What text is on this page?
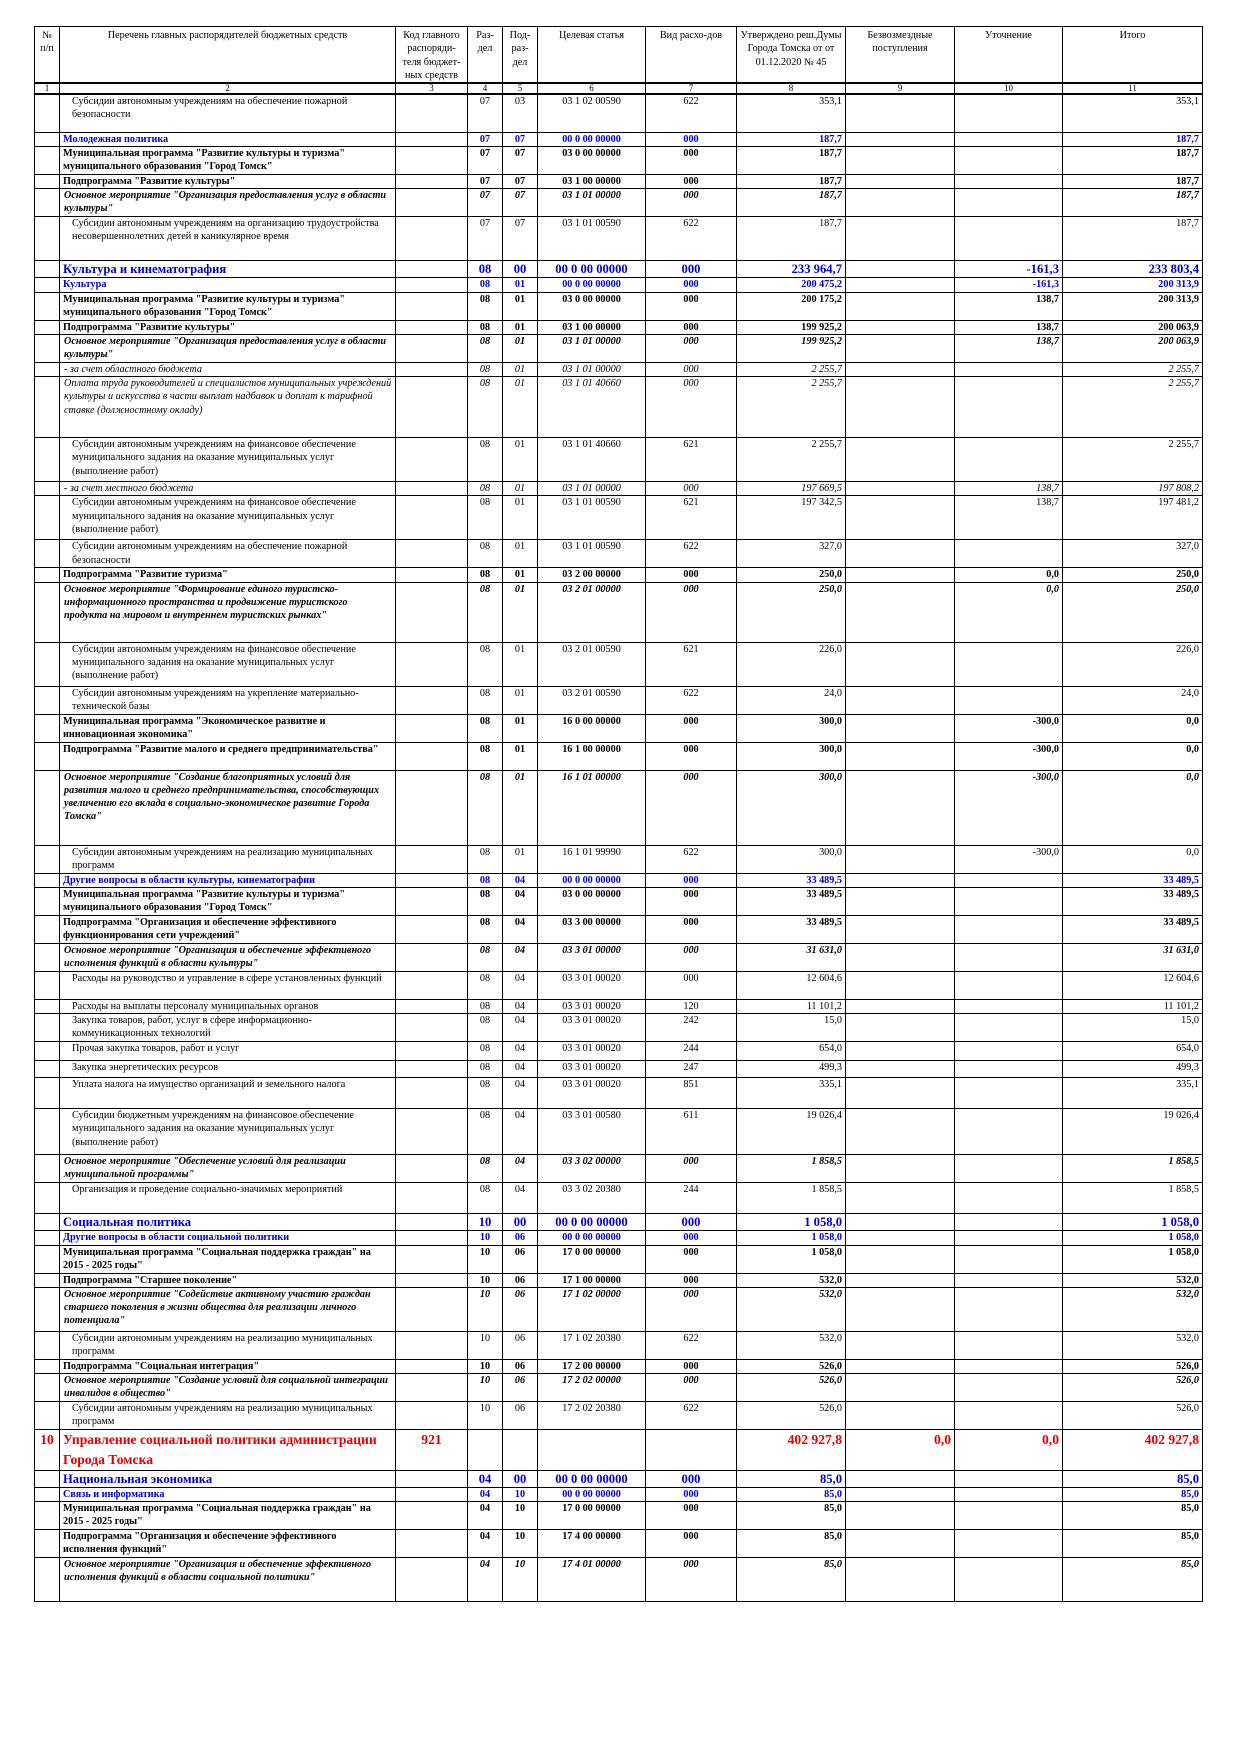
№ п/п	Перечень главных распорядителей бюджетных средств	Код главного распоряди-теля бюджет-ных средств	Раз-дел	Под-раз-дел	Целевая статья	Вид расхо-дов	Утверждено реш.Думы Города Томска от от 01.12.2020 № 45	Безвозмездные поступления	Уточнение	Итого
1	2	3	4	5	6	7	8	9	10	11
	Субсидии автономным учреждениям на обеспечение пожарной безопасности		07	03	03 1 02 00590	622	353,1			353,1
	Молодежная политика		07	07	00 0 00 00000	000	187,7			187,7
	Муниципальная программа "Развитие культуры и туризма" муниципального образования "Город Томск"		07	07	03 0 00 00000	000	187,7			187,7
	Подпрограмма "Развитие культуры"		07	07	03 1 00 00000	000	187,7			187,7
	Основное мероприятие "Организация предоставления услуг в области культуры"		07	07	03 1 01 00000	000	187,7			187,7
	Субсидии автономным учреждениям на организацию трудоустройства несовершеннолетних детей в каникулярное время		07	07	03 1 01 00590	622	187,7			187,7
	Культура и кинематография		08	00	00 0 00 00000	000	233 964,7		-161,3	233 803,4
	Культура		08	01	00 0 00 00000	000	200 475,2		-161,3	200 313,9
	Муниципальная программа "Развитие культуры и туризма" муниципального образования "Город Томск"		08	01	03 0 00 00000	000	200 175,2		138,7	200 313,9
	Подпрограмма "Развитие культуры"		08	01	03 1 00 00000	000	199 925,2		138,7	200 063,9
	Основное мероприятие "Организация предоставления услуг в области культуры"		08	01	03 1 01 00000	000	199 925,2		138,7	200 063,9
	- за счет областного бюджета		08	01	03 1 01 00000	000	2 255,7			2 255,7
	Оплата труда руководителей и специалистов муниципальных учреждений культуры и искусства в части выплат надбавок и доплат к тарифной ставке (должностному окладу)		08	01	03 1 01 40660	000	2 255,7			2 255,7
	Субсидии автономным учреждениям на финансовое обеспечение муниципального задания на оказание муниципальных услуг (выполнение работ)		08	01	03 1 01 40660	621	2 255,7			2 255,7
	- за счет местного бюджета		08	01	03 1 01 00000	000	197 669,5		138,7	197 808,2
	Субсидии автономным учреждениям на финансовое обеспечение муниципального задания на оказание муниципальных услуг (выполнение работ)		08	01	03 1 01 00590	621	197 342,5		138,7	197 481,2
	Субсидии автономным учреждениям на обеспечение пожарной безопасности		08	01	03 1 01 00590	622	327,0			327,0
	Подпрограмма "Развитие туризма"		08	01	03 2 00 00000	000	250,0		0,0	250,0
	Основное мероприятие "Формирование единого туристско-информационного пространства и продвижение туристского продукта на мировом и внутреннем туристских рынках"		08	01	03 2 01 00000	000	250,0		0,0	250,0
	Субсидии автономным учреждениям на финансовое обеспечение муниципального задания на оказание муниципальных услуг (выполнение работ)		08	01	03 2 01 00590	621	226,0			226,0
	Субсидии автономным учреждениям на укрепление материально-технической базы		08	01	03 2 01 00590	622	24,0			24,0
	Муниципальная программа "Экономическое развитие и инновационная экономика"		08	01	16 0 00 00000	000	300,0		-300,0	0,0
	Подпрограмма "Развитие малого и среднего предпринимательства"		08	01	16 1 00 00000	000	300,0		-300,0	0,0
	Основное мероприятие "Создание благоприятных условий для развития малого и среднего предпринимательства, способствующих увеличению его вклада в социально-экономическое развитие Города Томска"		08	01	16 1 01 00000	000	300,0		-300,0	0,0
	Субсидии автономным учреждениям на реализацию муниципальных программ		08	01	16 1 01 99990	622	300,0		-300,0	0,0
	Другие вопросы в области культуры, кинематографии		08	04	00 0 00 00000	000	33 489,5			33 489,5
	Муниципальная программа "Развитие культуры и туризма" муниципального образования "Город Томск"		08	04	03 0 00 00000	000	33 489,5			33 489,5
	Подпрограмма "Организация и обеспечение эффективного функционирования сети учреждений"		08	04	03 3 00 00000	000	33 489,5			33 489,5
	Основное мероприятие "Организация и обеспечение эффективного исполнения функций в области культуры"		08	04	03 3 01 00000	000	31 631,0			31 631,0
	Расходы на руководство и управление в сфере установленных функций		08	04	03 3 01 00020	000	12 604,6			12 604,6
	Расходы на выплаты персоналу муниципальных органов		08	04	03 3 01 00020	120	11 101,2			11 101,2
	Закупка товаров, работ, услуг в сфере информационно-коммуникационных технологий		08	04	03 3 01 00020	242	15,0			15,0
	Прочая закупка товаров, работ и услуг		08	04	03 3 01 00020	244	654,0			654,0
	Закупка энергетических ресурсов		08	04	03 3 01 00020	247	499,3			499,3
	Уплата налога на имущество организаций и земельного налога		08	04	03 3 01 00020	851	335,1			335,1
	Субсидии бюджетным учреждениям на финансовое обеспечение муниципального задания на оказание муниципальных услуг (выполнение работ)		08	04	03 3 01 00580	611	19 026,4			19 026,4
	Основное мероприятие "Обеспечение условий для реализации муниципальной программы"		08	04	03 3 02 00000	000	1 858,5			1 858,5
	Организация и проведение социально-значимых мероприятий		08	04	03 3 02 20380	244	1 858,5			1 858,5
	Социальная политика		10	00	00 0 00 00000	000	1 058,0			1 058,0
	Другие вопросы в области социальной политики		10	06	00 0 00 00000	000	1 058,0			1 058,0
	Муниципальная программа "Социальная поддержка граждан" на 2015 - 2025 годы"		10	06	17 0 00 00000	000	1 058,0			1 058,0
	Подпрограмма "Старшее поколение"		10	06	17 1 00 00000	000	532,0			532,0
	Основное мероприятие "Содействие активному участию граждан старшего поколения в жизни общества для реализации личного потенциала"		10	06	17 1 02 00000	000	532,0			532,0
	Субсидии автономным учреждениям на реализацию муниципальных программ		10	06	17 1 02 20380	622	532,0			532,0
	Подпрограмма "Социальная интеграция"		10	06	17 2 00 00000	000	526,0			526,0
	Основное мероприятие "Создание условий для социальной интеграции инвалидов в общество"		10	06	17 2 02 00000	000	526,0			526,0
	Субсидии автономным учреждениям на реализацию муниципальных программ		10	06	17 2 02 20380	622	526,0			526,0
10	Управление социальной политики администрации Города Томска	921					402 927,8	0,0	0,0	402 927,8
	Национальная экономика		04	00	00 0 00 00000	000	85,0			85,0
	Связь и информатика		04	10	00 0 00 00000	000	85,0			85,0
	Муниципальная программа "Социальная поддержка граждан" на 2015 - 2025 годы"		04	10	17 0 00 00000	000	85,0			85,0
	Подпрограмма "Организация и обеспечение эффективного исполнения функций"		04	10	17 4 00 00000	000	85,0			85,0
	Основное мероприятие "Организация и обеспечение эффективного исполнения функций в области социальной политики"		04	10	17 4 01 00000	000	85,0			85,0
